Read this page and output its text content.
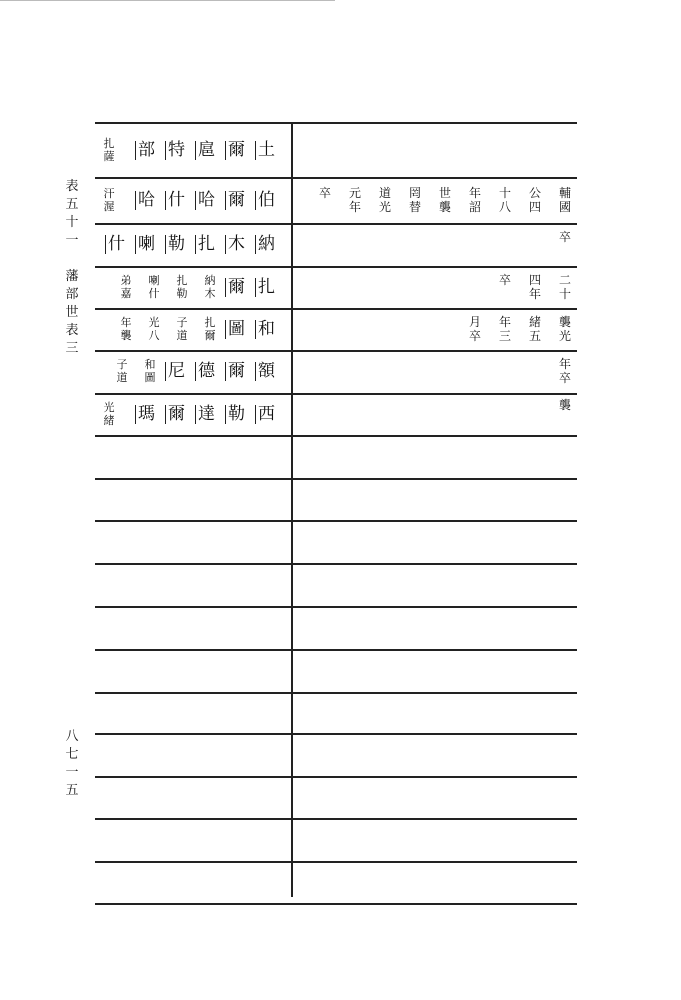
表
五
十
一

藩
部
世
表
三
八
七
一
五
土
爾
扈
特
部
扎
薩
伯
爾
哈
什
哈
汗
渥
納
木
扎
勒
喇
什
扎
爾
納
木
扎
勒
喇
什
弟
嘉
和
圖
扎
爾
子
道
光
八
年
襲
額
爾
德
尼
和
圖
子
道
西
勒
達
爾
瑪
光
緒
輔
國
公
四
十
八
年
詔
世
襲
罔
替
道
光
元
年
卒

卒

二
十
四
年
卒

襲
光
緒
五
年
三
月
卒
年
卒
襲
